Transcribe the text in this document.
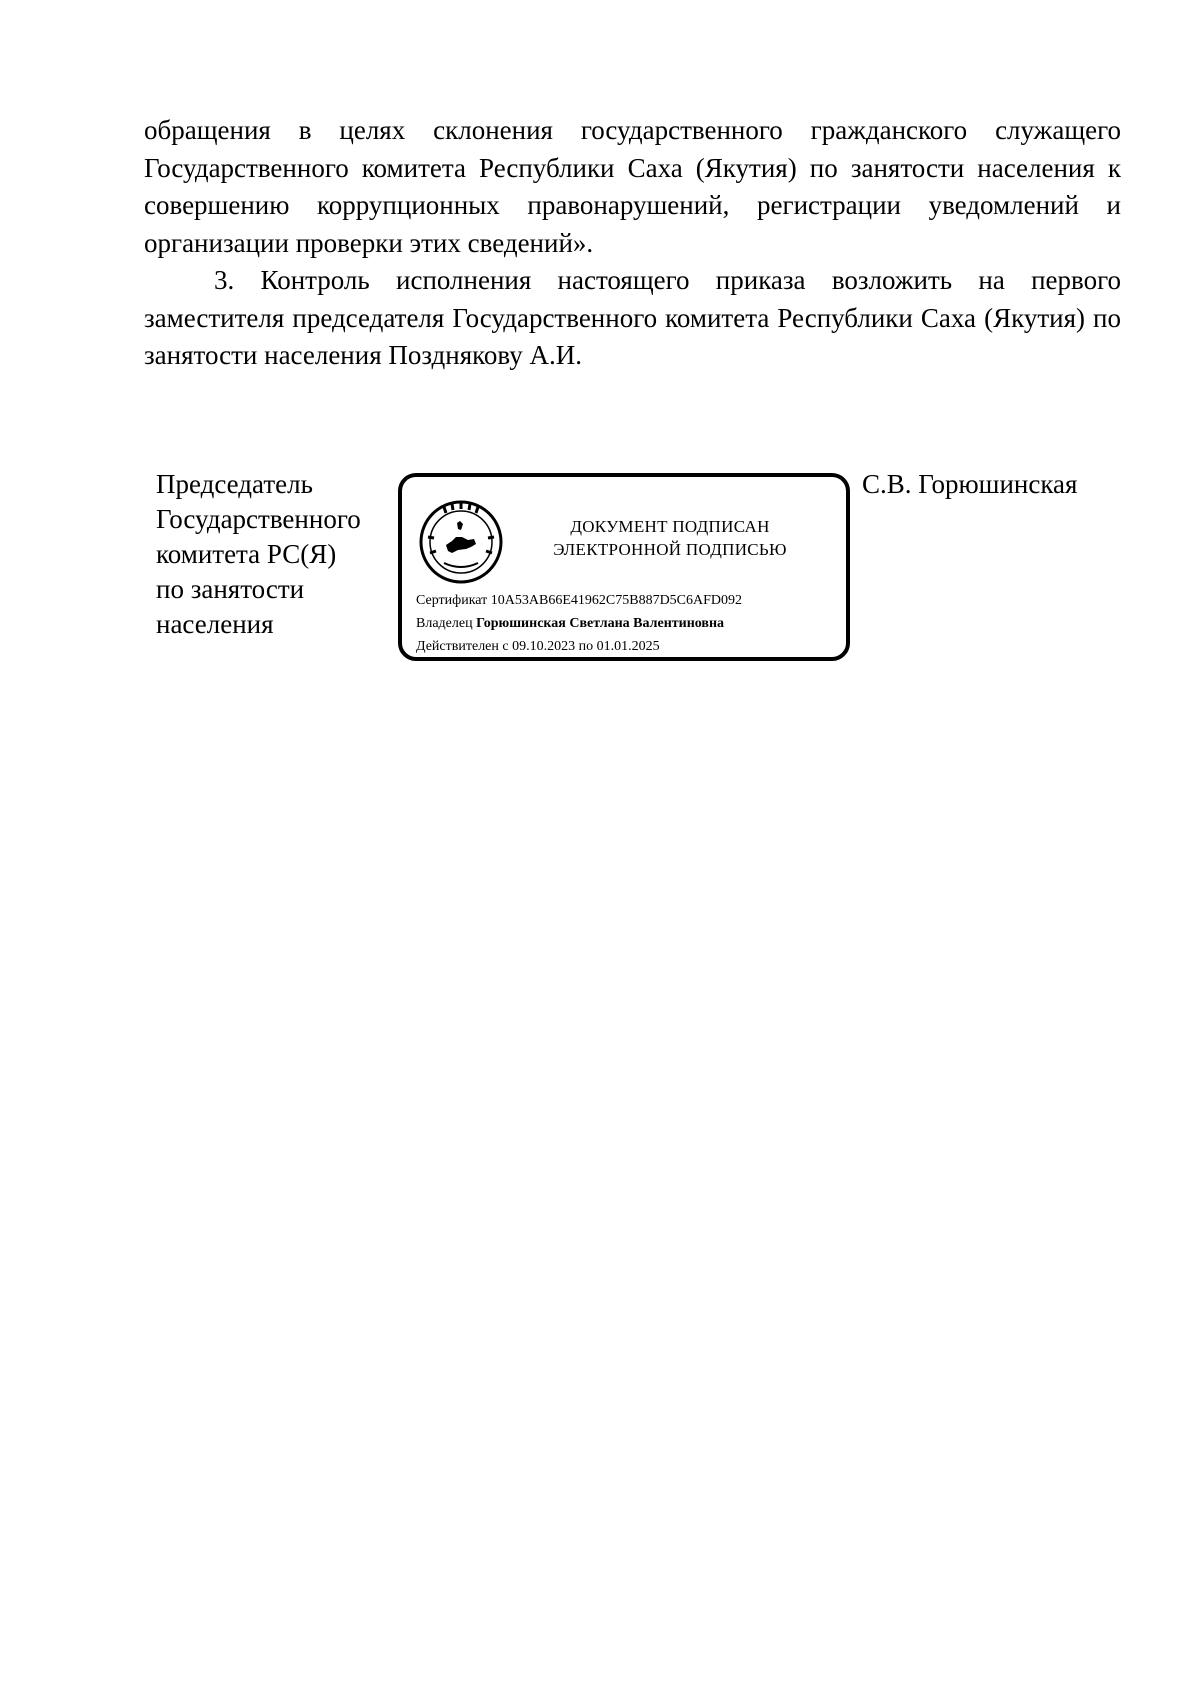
обращения в целях склонения государственного гражданского служащего Государственного комитета Республики Саха (Якутия) по занятости населения к совершению коррупционных правонарушений, регистрации уведомлений и организации проверки этих сведений».

3. Контроль исполнения настоящего приказа возложить на первого заместителя председателя Государственного комитета Республики Саха (Якутия) по занятости населения Позднякову А.И.

Председатель
Государственного
комитета РС(Я)
по занятости
населения
ДОКУМЕНТ ПОДПИСАН
ЭЛЕКТРОННОЙ ПОДПИСЬЮ
Сертификат 10A53AB66E41962C75B887D5C6AFD092
Владелец Горюшинская Светлана Валентиновна
Действителен с 09.10.2023 по 01.01.2025
С.В. Горюшинская
